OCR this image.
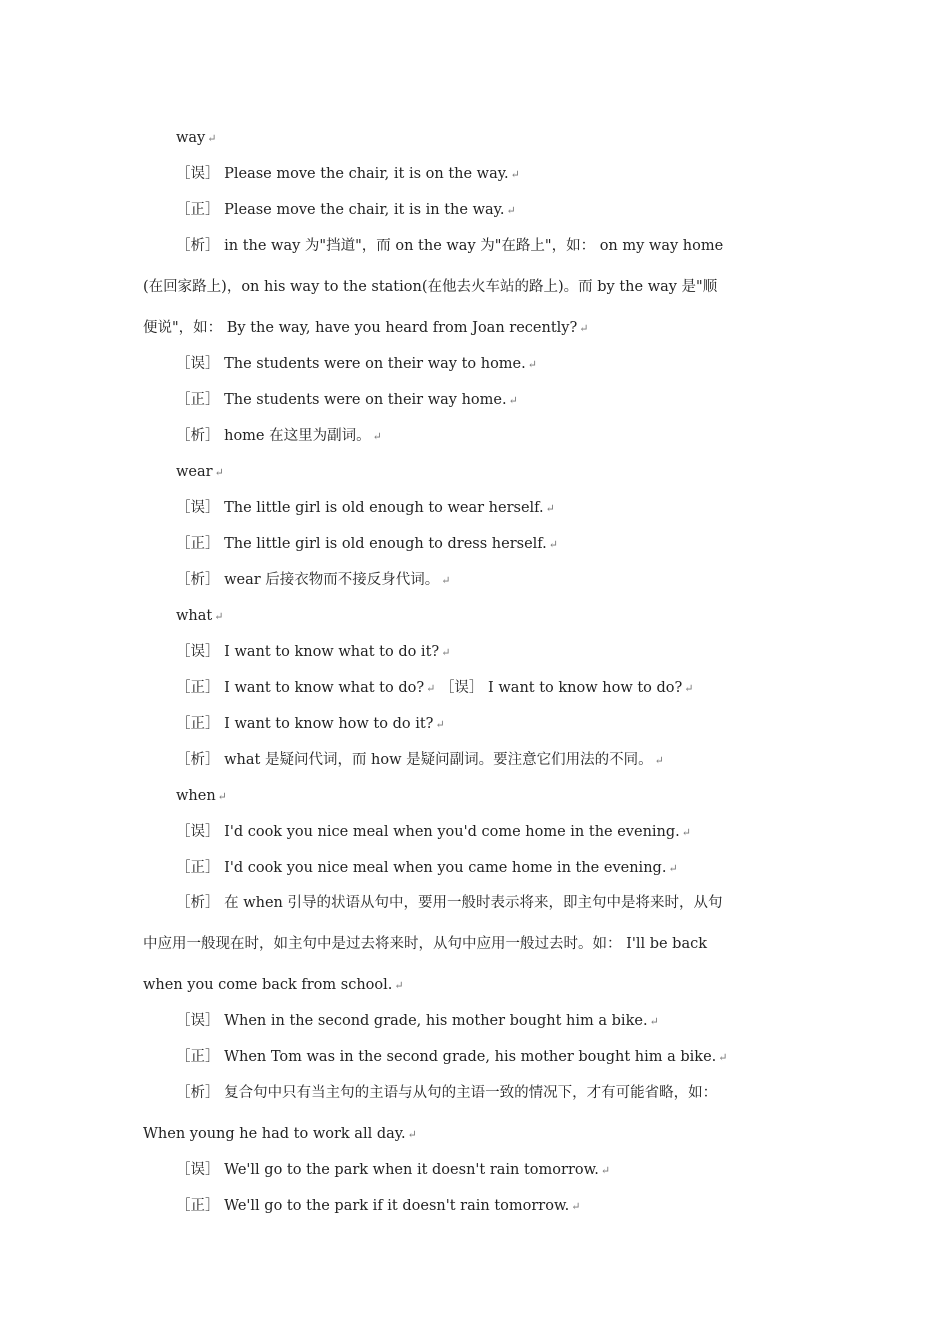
way ↵
［误］ Please move the chair, it is on the way. ↵
［正］ Please move the chair, it is in the way. ↵
［析］ in the way 为"挡道"，而 on the way 为"在路上"，如： on my way home
(在回家路上)，on his way to the station(在他去火车站的路上)。而 by the way 是"顺
便说"，如： By the way, have you heard from Joan recently? ↵
［误］ The students were on their way to home. ↵
［正］ The students were on their way home. ↵
［析］ home 在这里为副词。 ↵
wear ↵
［误］ The little girl is old enough to wear herself. ↵
［正］ The little girl is old enough to dress herself. ↵
［析］ wear 后接衣物而不接反身代词。 ↵
what ↵
［误］ I want to know what to do it? ↵
［正］ I want to know what to do? ↵ ［误］ I want to know how to do? ↵
［正］ I want to know how to do it? ↵
［析］ what 是疑问代词，而 how 是疑问副词。要注意它们用法的不同。 ↵
when ↵
［误］ I'd cook you nice meal when you'd come home in the evening. ↵
［正］ I'd cook you nice meal when you came home in the evening. ↵
［析］ 在 when 引导的状语从句中，要用一般时表示将来，即主句中是将来时，从句
中应用一般现在时，如主句中是过去将来时，从句中应用一般过去时。如： I'll be back
when you come back from school. ↵
［误］ When in the second grade, his mother bought him a bike. ↵
［正］ When Tom was in the second grade, his mother bought him a bike. ↵
［析］ 复合句中只有当主句的主语与从句的主语一致的情况下，才有可能省略，如：
When young he had to work all day. ↵
［误］ We'll go to the park when it doesn't rain tomorrow. ↵
［正］ We'll go to the park if it doesn't rain tomorrow. ↵
